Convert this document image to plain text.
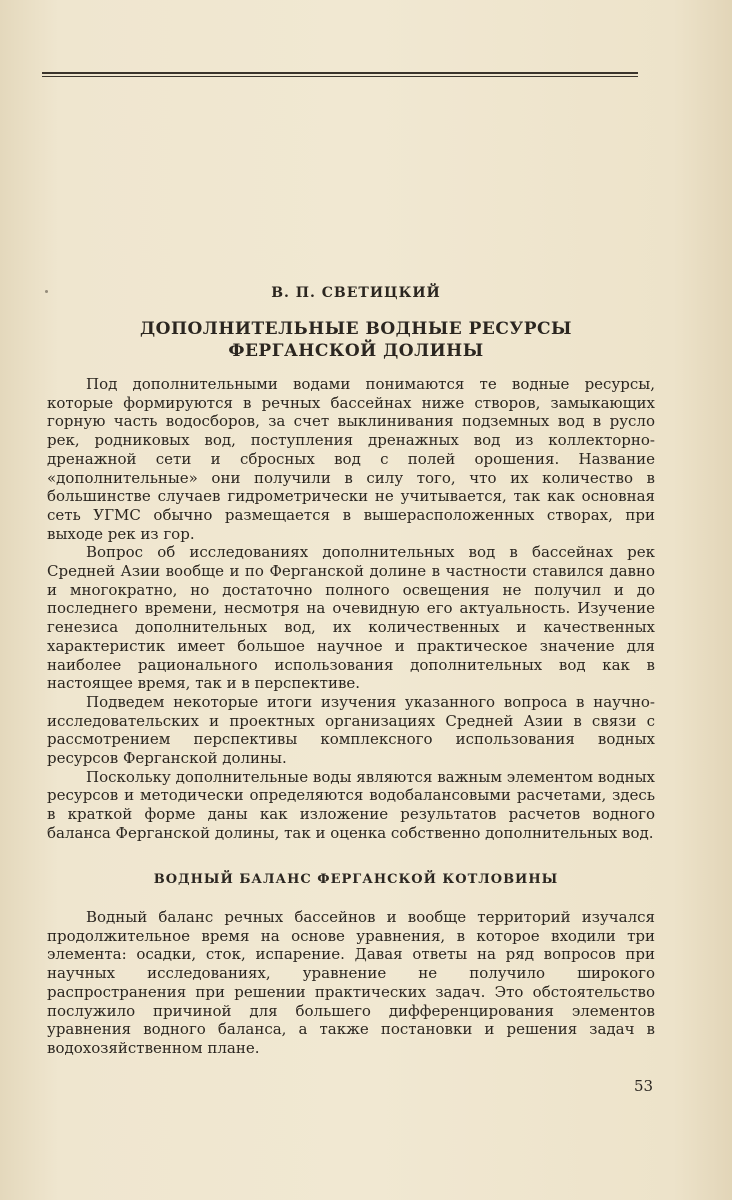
В. П. СВЕТИЦКИЙ
ДОПОЛНИТЕЛЬНЫЕ ВОДНЫЕ РЕСУРСЫ
ФЕРГАНСКОЙ ДОЛИНЫ

Под дополнительными водами понимаются те водные ресурсы, которые формируются в речных бассейнах ниже створов, замыкающих горную часть водосборов, за счет выклинивания подземных вод в русло рек, родниковых вод, поступления дренажных вод из коллекторно-дренажной сети и сбросных вод с полей орошения. Название «дополнительные» они получили в силу того, что их количество в большинстве случаев гидрометрически не учитывается, так как основная сеть УГМС обычно размещается в вышерасположенных створах, при выходе рек из гор.

Вопрос об исследованиях дополнительных вод в бассейнах рек Средней Азии вообще и по Ферганской долине в частности ставился давно и многократно, но достаточно полного освещения не получил и до последнего времени, несмотря на очевидную его актуальность. Изучение генезиса дополнительных вод, их количественных и качественных характеристик имеет большое научное и практическое значение для наиболее рационального использования дополнительных вод как в настоящее время, так и в перспективе.

Подведем некоторые итоги изучения указанного вопроса в научно-исследовательских и проектных организациях Средней Азии в связи с рассмотрением перспективы комплексного использования водных ресурсов Ферганской долины.

Поскольку дополнительные воды являются важным элементом водных ресурсов и методически определяются водобалансовыми расчетами, здесь в краткой форме даны как изложение результатов расчетов водного баланса Ферганской долины, так и оценка собственно дополнительных вод.

ВОДНЫЙ БАЛАНС ФЕРГАНСКОЙ КОТЛОВИНЫ

Водный баланс речных бассейнов и вообще территорий изучался продолжительное время на основе уравнения, в которое входили три элемента: осадки, сток, испарение. Давая ответы на ряд вопросов при научных исследованиях, уравнение не получило широкого распространения при решении практических задач. Это обстоятельство послужило причиной для большего дифференцирования элементов уравнения водного баланса, а также постановки и решения задач в водохозяйственном плане.

53
